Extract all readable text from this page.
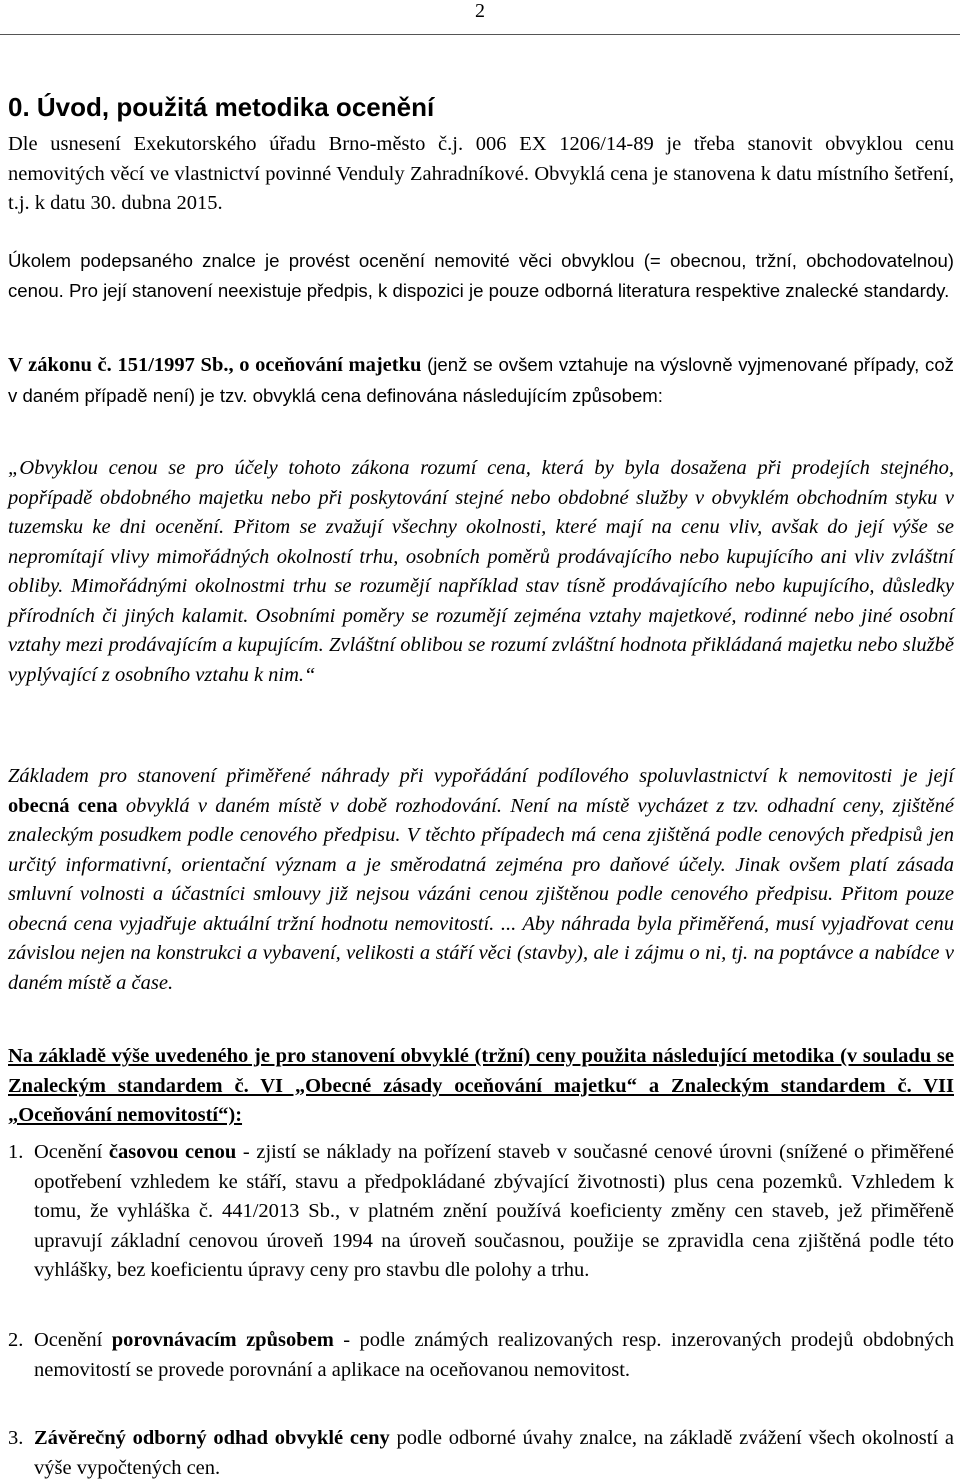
2
0. Úvod, použitá metodika ocenění

Dle usnesení Exekutorského úřadu Brno-město č.j. 006 EX 1206/14-89 je třeba stanovit obvyklou cenu nemovitých věcí ve vlastnictví povinné Venduly Zahradníkové. Obvyklá cena je stanovena k datu místního šetření, t.j. k datu 30. dubna 2015.

Úkolem podepsaného znalce je provést ocenění nemovité věci obvyklou (= obecnou, tržní, obchodovatelnou) cenou. Pro její stanovení neexistuje předpis, k dispozici je pouze odborná literatura respektive znalecké standardy.

V zákonu č. 151/1997 Sb., o oceňování majetku (jenž se ovšem vztahuje na výslovně vyjmenované případy, což v daném případě není) je tzv. obvyklá cena definována následujícím způsobem:

„Obvyklou cenou se pro účely tohoto zákona rozumí cena, která by byla dosažena při prodejích stejného, popřípadě obdobného majetku nebo při poskytování stejné nebo obdobné služby v obvyklém obchodním styku v tuzemsku ke dni ocenění. Přitom se zvažují všechny okolnosti, které mají na cenu vliv, avšak do její výše se nepromítají vlivy mimořádných okolností trhu, osobních poměrů prodávajícího nebo kupujícího ani vliv zvláštní obliby. Mimořádnými okolnostmi trhu se rozumějí například stav tísně prodávajícího nebo kupujícího, důsledky přírodních či jiných kalamit. Osobními poměry se rozumějí zejména vztahy majetkové, rodinné nebo jiné osobní vztahy mezi prodávajícím a kupujícím. Zvláštní oblibou se rozumí zvláštní hodnota přikládaná majetku nebo službě vyplývající z osobního vztahu k nim.“

Základem pro stanovení přiměřené náhrady při vypořádání podílového spoluvlastnictví k nemovitosti je její obecná cena obvyklá v daném místě v době rozhodování. Není na místě vycházet z tzv. odhadní ceny, zjištěné znaleckým posudkem podle cenového předpisu. V těchto případech má cena zjištěná podle cenových předpisů jen určitý informativní, orientační význam a je směrodatná zejména pro daňové účely. Jinak ovšem platí zásada smluvní volnosti a účastníci smlouvy již nejsou vázáni cenou zjištěnou podle cenového předpisu. Přitom pouze obecná cena vyjadřuje aktuální tržní hodnotu nemovitostí. ... Aby náhrada byla přiměřená, musí vyjadřovat cenu závislou nejen na konstrukci a vybavení, velikosti a stáří věci (stavby), ale i zájmu o ni, tj. na poptávce a nabídce v daném místě a čase.

Na základě výše uvedeného je pro stanovení obvyklé (tržní) ceny použita následující metodika (v souladu se Znaleckým standardem č. VI „Obecné zásady oceňování majetku“ a Znaleckým standardem č. VII „Oceňování nemovitostí“):

1. Ocenění časovou cenou - zjistí se náklady na pořízení staveb v současné cenové úrovni (snížené o přiměřené opotřebení vzhledem ke stáří, stavu a předpokládané zbývající životnosti) plus cena pozemků. Vzhledem k tomu, že vyhláška č. 441/2013 Sb., v platném znění používá koeficienty změny cen staveb, jež přiměřeně upravují základní cenovou úroveň 1994 na úroveň současnou, použije se zpravidla cena zjištěná podle této vyhlášky, bez koeficientu úpravy ceny pro stavbu dle polohy a trhu.
2. Ocenění porovnávacím způsobem - podle známých realizovaných resp. inzerovaných prodejů obdobných nemovitostí se provede porovnání a aplikace na oceňovanou nemovitost.
3. Závěrečný odborný odhad obvyklé ceny podle odborné úvahy znalce, na základě zvážení všech okolností a výše vypočtených cen.
